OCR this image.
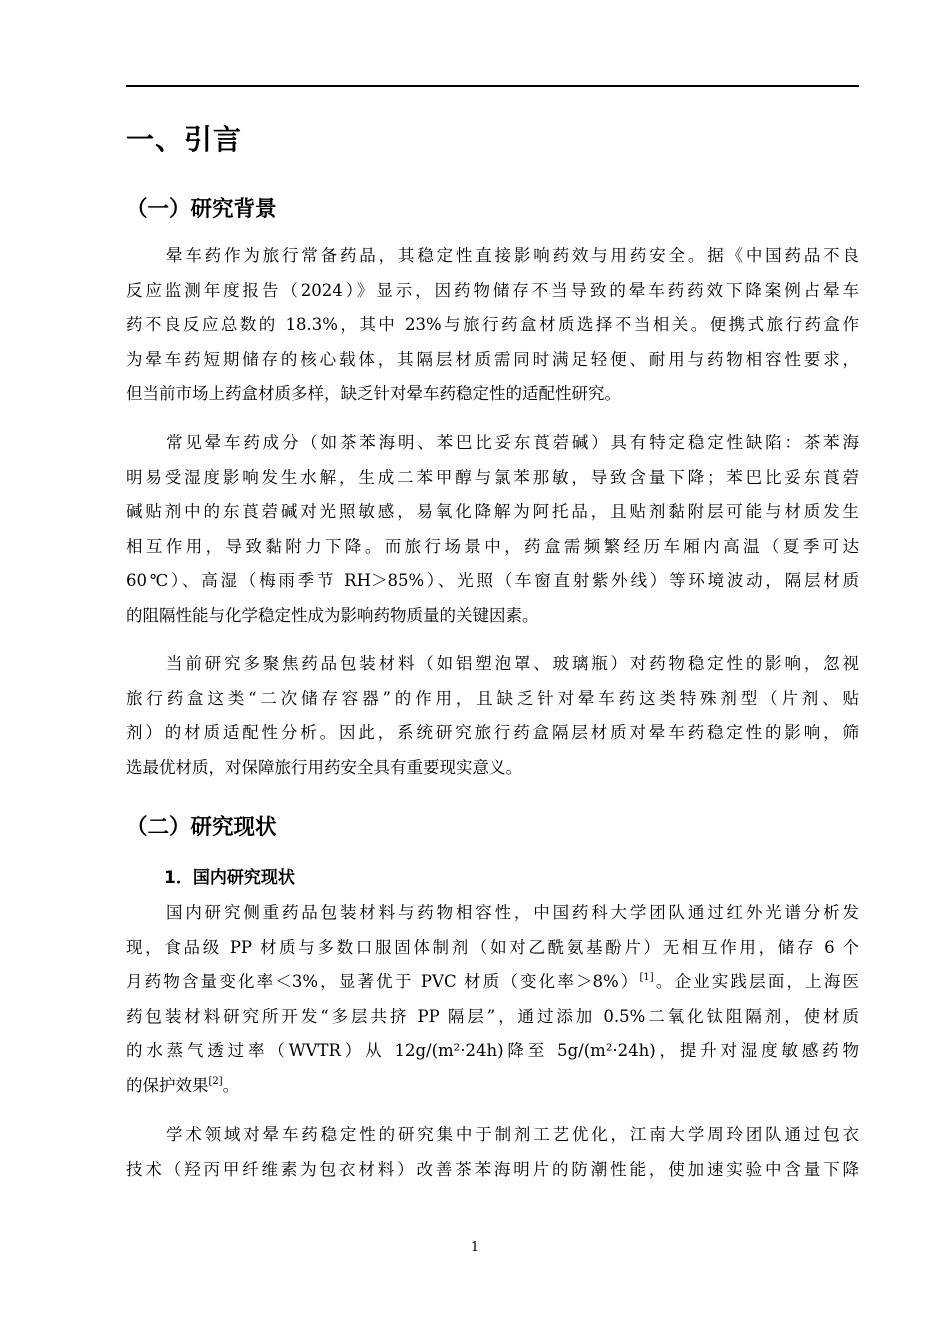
一、引言
（一）研究背景
晕车药作为旅行常备药品，其稳定性直接影响药效与用药安全。据《中国药品不良
反应监测年度报告（2024）》显示，因药物储存不当导致的晕车药药效下降案例占晕车
药不良反应总数的 18.3%，其中 23%与旅行药盒材质选择不当相关。便携式旅行药盒作
为晕车药短期储存的核心载体，其隔层材质需同时满足轻便、耐用与药物相容性要求，
但当前市场上药盒材质多样，缺乏针对晕车药稳定性的适配性研究。
常见晕车药成分（如茶苯海明、苯巴比妥东莨菪碱）具有特定稳定性缺陷：茶苯海
明易受湿度影响发生水解，生成二苯甲醇与氯苯那敏，导致含量下降；苯巴比妥东莨菪
碱贴剂中的东莨菪碱对光照敏感，易氧化降解为阿托品，且贴剂黏附层可能与材质发生
相互作用，导致黏附力下降。而旅行场景中，药盒需频繁经历车厢内高温（夏季可达
60℃）、高湿（梅雨季节 RH＞85%）、光照（车窗直射紫外线）等环境波动，隔层材质
的阻隔性能与化学稳定性成为影响药物质量的关键因素。
当前研究多聚焦药品包装材料（如铝塑泡罩、玻璃瓶）对药物稳定性的影响，忽视
旅行药盒这类“二次储存容器”的作用，且缺乏针对晕车药这类特殊剂型（片剂、贴
剂）的材质适配性分析。因此，系统研究旅行药盒隔层材质对晕车药稳定性的影响，筛
选最优材质，对保障旅行用药安全具有重要现实意义。
（二）研究现状
1．国内研究现状
国内研究侧重药品包装材料与药物相容性，中国药科大学团队通过红外光谱分析发
现，食品级 PP 材质与多数口服固体制剂（如对乙酰氨基酚片）无相互作用，储存 6 个
月药物含量变化率＜3%，显著优于 PVC 材质（变化率＞8%）[1]。企业实践层面，上海医
药包装材料研究所开发“多层共挤 PP 隔层”，通过添加 0.5%二氧化钛阻隔剂，使材质
的水蒸气透过率（WVTR）从 12g/(m²·24h)降至 5g/(m²·24h)，提升对湿度敏感药物
的保护效果[2]。
学术领域对晕车药稳定性的研究集中于制剂工艺优化，江南大学周玲团队通过包衣
技术（羟丙甲纤维素为包衣材料）改善茶苯海明片的防潮性能，使加速实验中含量下降
1
